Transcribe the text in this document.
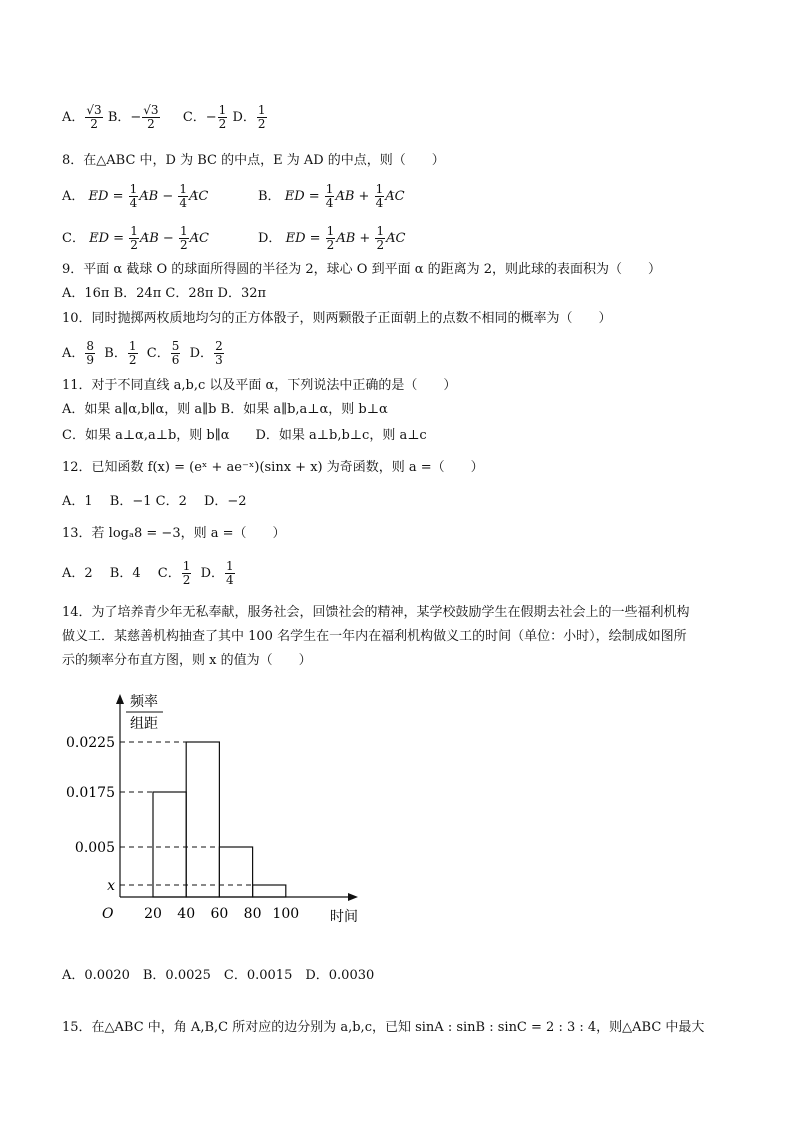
A． $\frac{√3}{2}$ B．− $\frac{√3}{2}$ C．− $\frac{1}{2}$ D． $\frac{1}{2}$
8．在△ABC 中，D 为 BC 的中点，E 为 AD 的中点，则（　　）
A． ̲̲ ED = $\frac{1}{4}$ ̲̲ AB − $\frac{1}{4}$ ̲̲ AC	B． ̲̲ ED = $\frac{1}{4}$ ̲̲ AB + $\frac{1}{4}$ ̲̲ AC
C． ̲̲ ED = $\frac{1}{2}$ ̲̲ AB − $\frac{1}{2}$ ̲̲ AC	D． ̲̲ ED = $\frac{1}{2}$ ̲̲ AB + $\frac{1}{2}$ ̲̲ AC
9．平面 α 截球 O 的球面所得圆的半径为 2，球心 O 到平面 α 的距离为 2，则此球的表面积为（　　）
A．16π B．24π C．28π D．32π
10．同时抛掷两枚质地均匀的正方体骰子，则两颗骰子正面朝上的点数不相同的概率为（　　）
A． $\frac{8}{9}$ B． $\frac{1}{2}$ C． $\frac{5}{6}$ D． $\frac{2}{3}$
11．对于不同直线 a,b,c 以及平面 α，下列说法中正确的是（　　）
A．如果 a∥α,b∥α，则 a∥b B．如果 a∥b,a⊥α，则 b⊥α
C．如果 a⊥α,a⊥b，则 b∥α　　D．如果 a⊥b,b⊥c，则 a⊥c
12．已知函数 f(x) = (eˣ + ae⁻ˣ)(sinx + x) 为奇函数，则 a =（　　）
A．1　 B．−1 C．2　 D．−2
13．若 logₐ8 = −3，则 a =（　　）
A．2　 B．4　 C． $\frac{1}{2}$ D． $\frac{1}{4}$
14．为了培养青少年无私奉献，服务社会，回馈社会的精神，某学校鼓励学生在假期去社会上的一些福利机构
做义工．某慈善机构抽查了其中 100 名学生在一年内在福利机构做义工的时间（单位：小时），绘制成如图所
示的频率分布直方图，则 x 的值为（　　）
0.0225
0.0175
0.005
x
20 40 60 80 100
O
频率
组距
时间
A．0.0020　B．0.0025　C．0.0015　D．0.0030
15．在△ABC 中，角 A,B,C 所对应的边分别为 a,b,c，已知 sinA : sinB : sinC = 2 : 3 : 4，则△ABC 中最大
